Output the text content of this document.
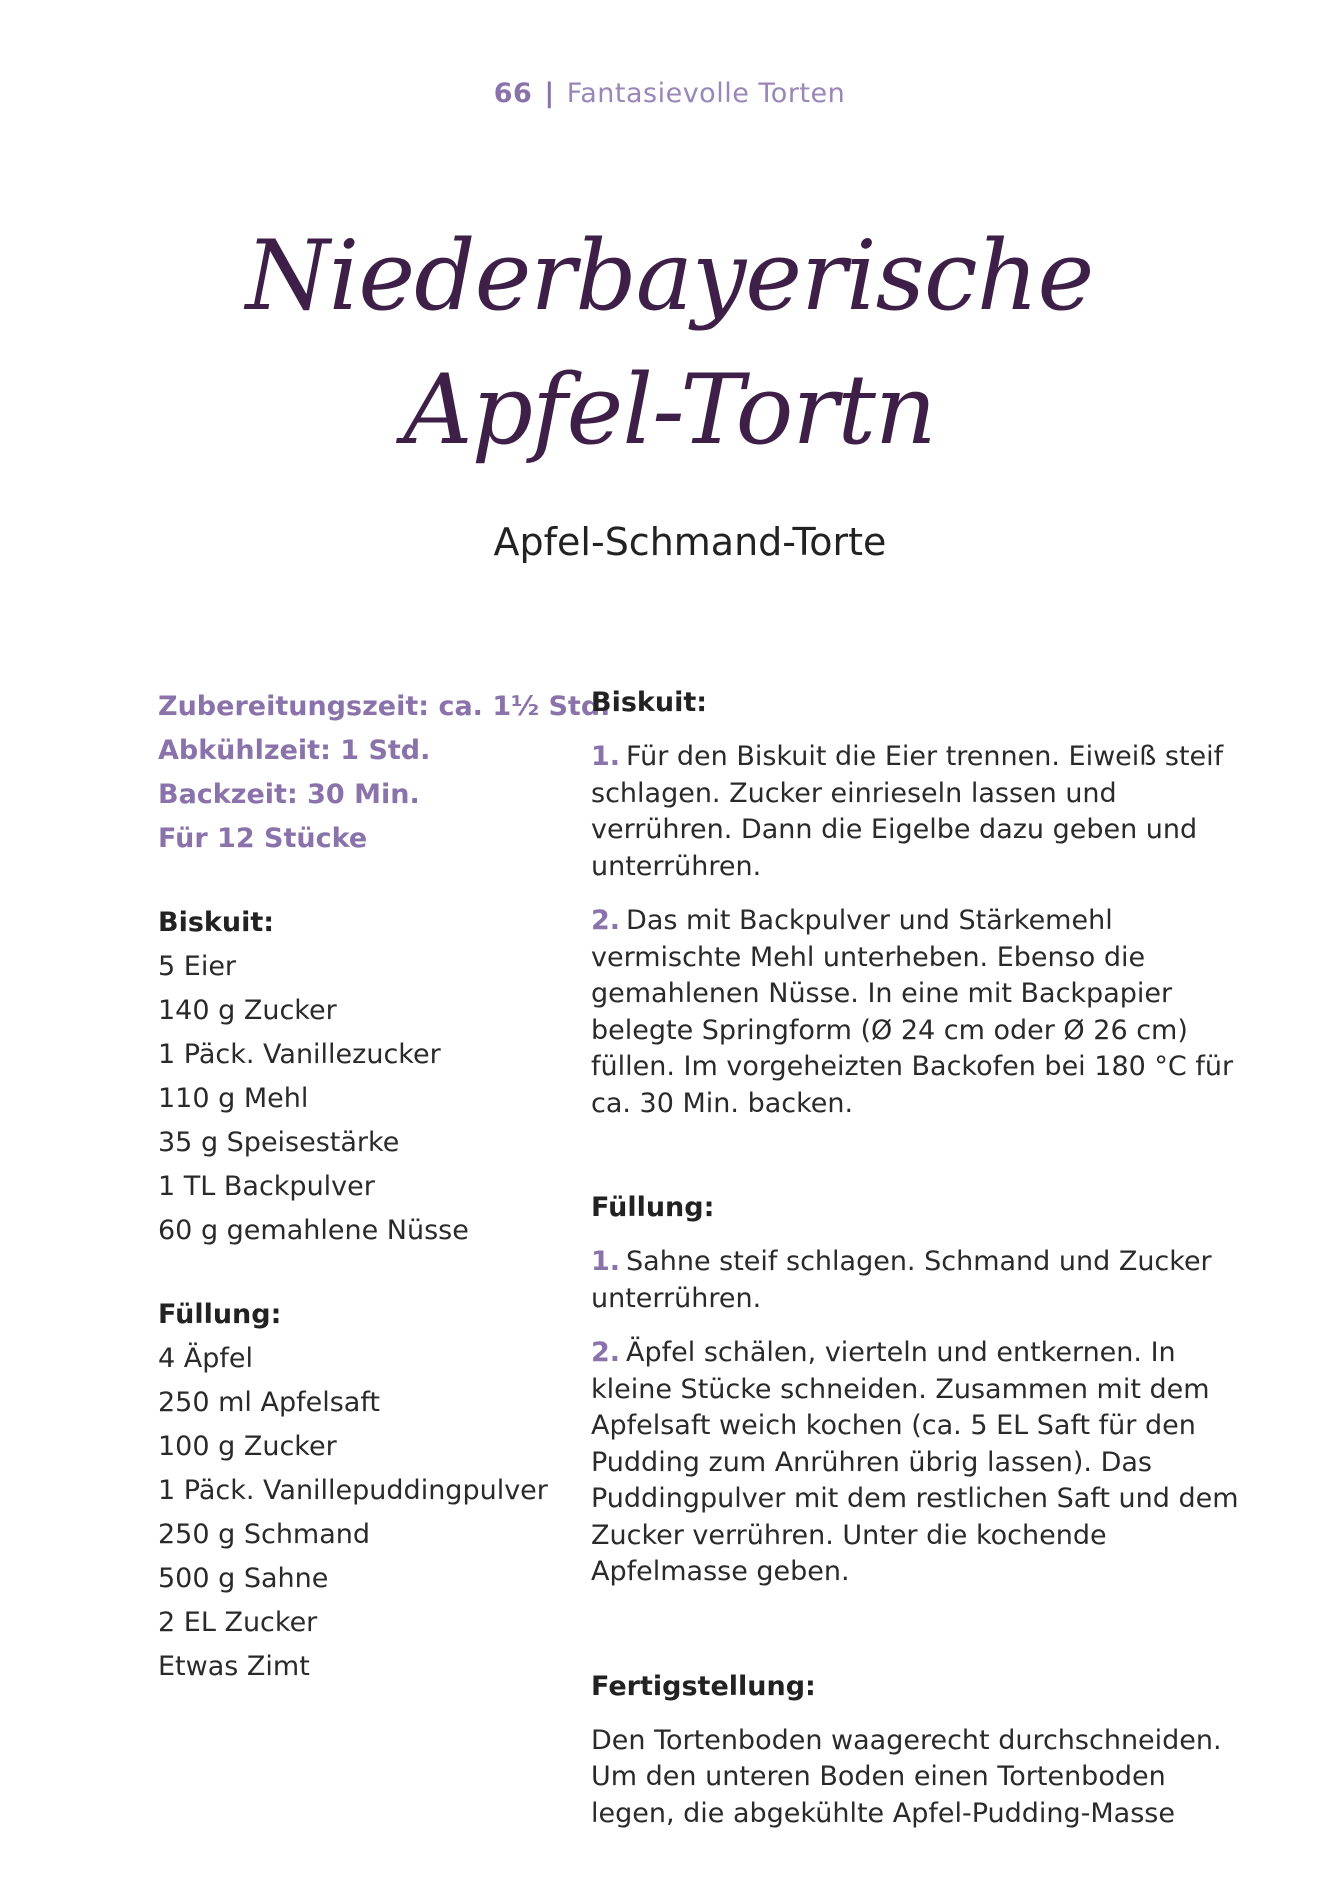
66 | Fantasievolle Torten
Niederbayerische
Apfel-Tortn
Apfel-Schmand-Torte
Zubereitungszeit: ca. 1½ Std.
Abkühlzeit: 1 Std.
Backzeit: 30 Min.
Für 12 Stücke
Biskuit:
5 Eier
140 g Zucker
1 Päck. Vanillezucker
110 g Mehl
35 g Speisestärke
1 TL Backpulver
60 g gemahlene Nüsse
Füllung:
4 Äpfel
250 ml Apfelsaft
100 g Zucker
1 Päck. Vanillepuddingpulver
250 g Schmand
500 g Sahne
2 EL Zucker
Etwas Zimt
Biskuit:
1. Für den Biskuit die Eier trennen. Eiweiß steif schlagen. Zucker einrieseln lassen und verrühren. Dann die Eigelbe dazu geben und unterrühren.
2. Das mit Backpulver und Stärkemehl vermischte Mehl unterheben. Ebenso die gemahlenen Nüsse. In eine mit Backpapier belegte Springform (Ø 24 cm oder Ø 26 cm) füllen. Im vorgeheizten Backofen bei 180 °C für ca. 30 Min. backen.
Füllung:
1. Sahne steif schlagen. Schmand und Zucker unterrühren.
2. Äpfel schälen, vierteln und entkernen. In kleine Stücke schneiden. Zusammen mit dem Apfelsaft weich kochen (ca. 5 EL Saft für den Pudding zum Anrühren übrig lassen). Das Puddingpulver mit dem restlichen Saft und dem Zucker verrühren. Unter die kochende Apfelmasse geben.
Fertigstellung:
Den Tortenboden waagerecht durchschneiden. Um den unteren Boden einen Tortenboden legen, die abgekühlte Apfel-Pudding-Masse
